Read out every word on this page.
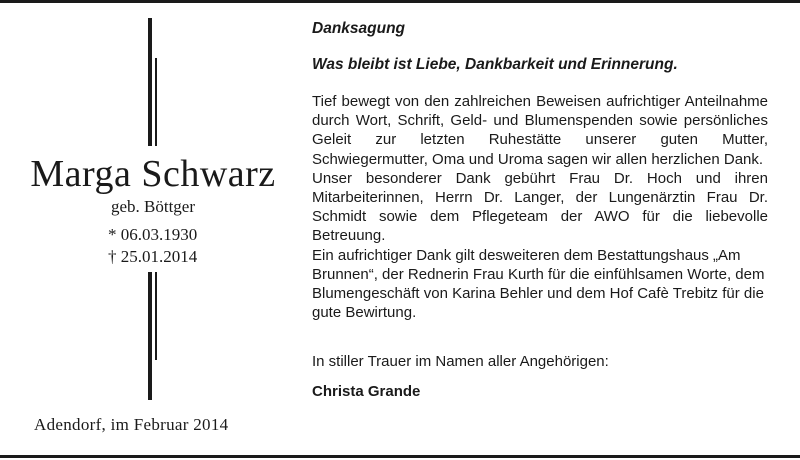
Marga Schwarz
geb. Böttger
* 06.03.1930
† 25.01.2014
Adendorf, im Februar 2014
Danksagung
Was bleibt ist Liebe, Dankbarkeit und Erinnerung.

Tief bewegt von den zahlreichen Beweisen aufrichtiger Anteilnahme durch Wort, Schrift, Geld- und Blumenspenden sowie persönliches Geleit zur letzten Ruhestätte unserer guten Mutter, Schwiegermutter, Oma und Uroma sagen wir allen herzlichen Dank.

Unser besonderer Dank gebührt Frau Dr. Hoch und ihren Mitarbeiterinnen, Herrn Dr. Langer, der Lungenärztin Frau Dr. Schmidt sowie dem Pflegeteam der AWO für die liebevolle Betreuung.

Ein aufrichtiger Dank gilt desweiteren dem Bestattungshaus „Am Brunnen“, der Rednerin Frau Kurth für die einfühlsamen Worte, dem Blumengeschäft von Karina Behler und dem Hof Cafè Trebitz für die gute Bewirtung.

In stiller Trauer im Namen aller Angehörigen:
Christa Grande
